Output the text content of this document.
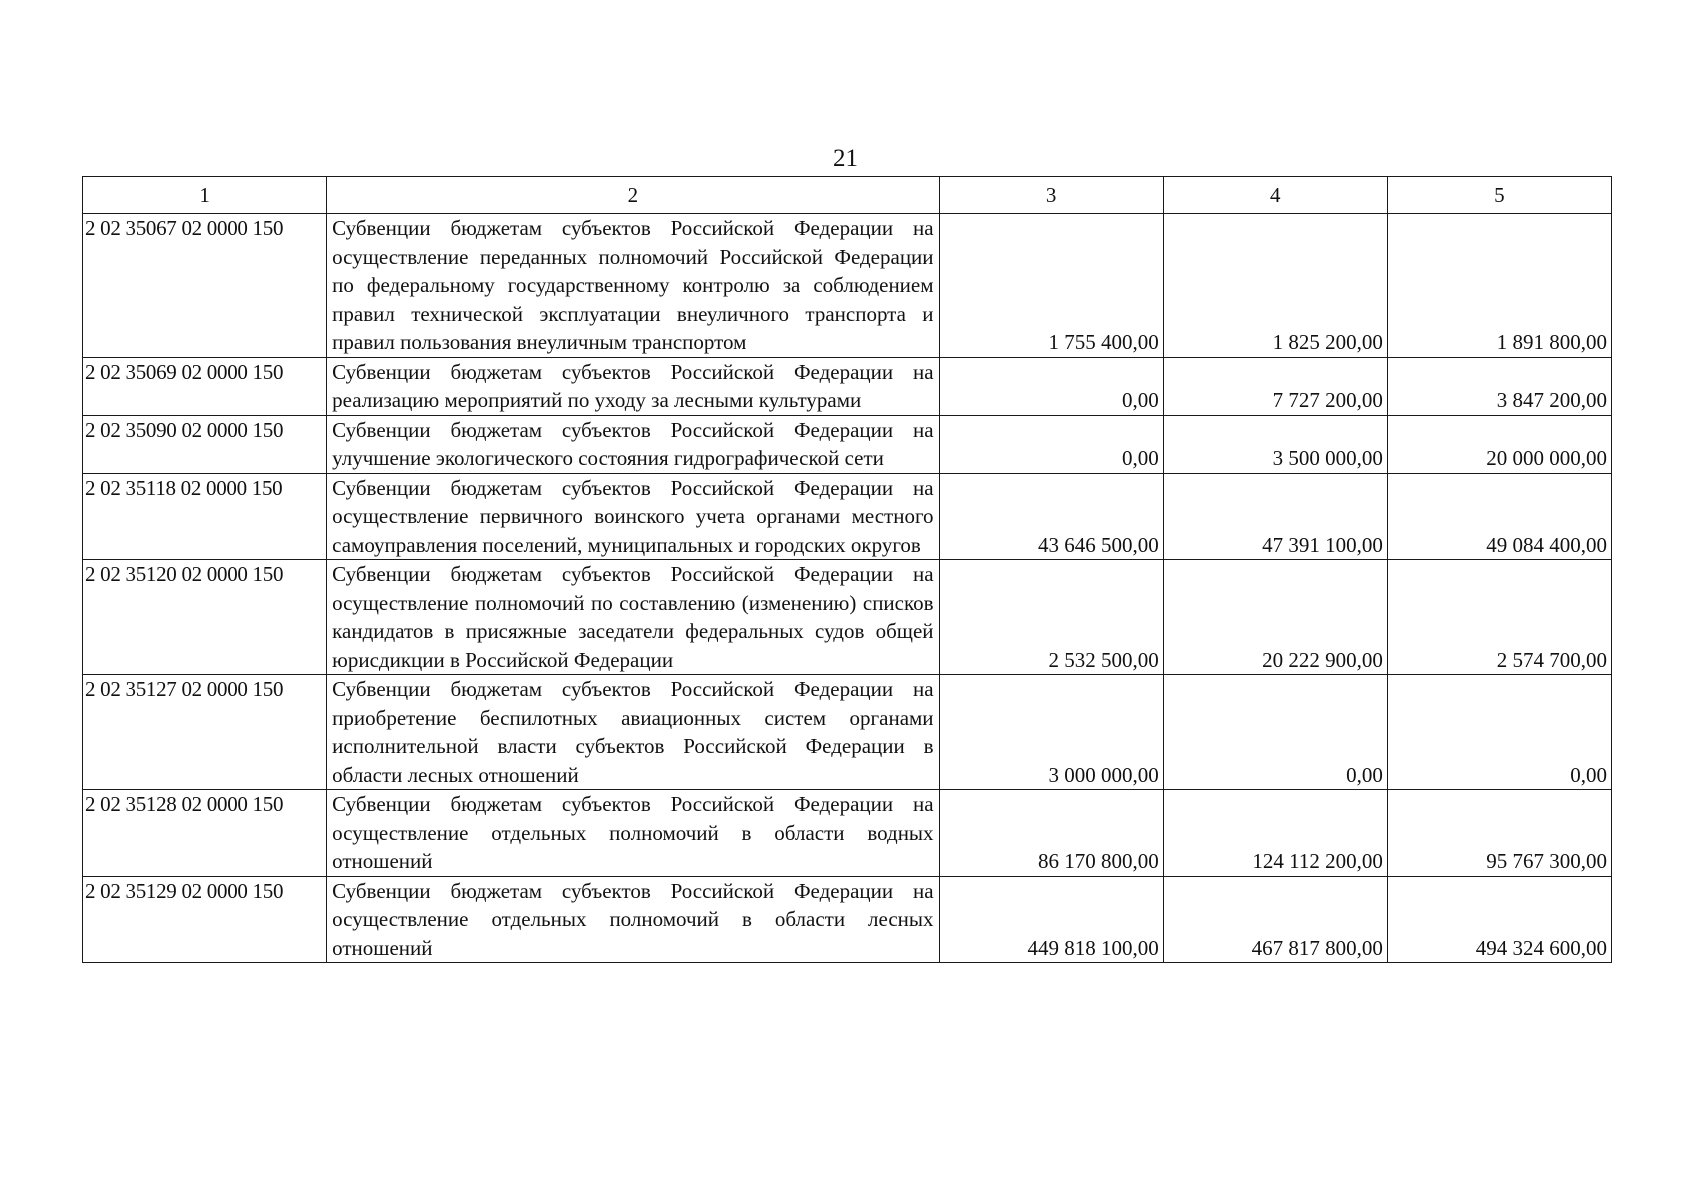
21
1	2	3	4	5
2 02 35067 02 0000 150	Субвенции бюджетам субъектов Российской Федерации на осуществление переданных полномочий Российской Федерации по федеральному государственному контролю за соблюдением правил технической эксплуатации внеуличного транспорта и правил пользования внеуличным транспортом	1 755 400,00	1 825 200,00	1 891 800,00
2 02 35069 02 0000 150	Субвенции бюджетам субъектов Российской Федерации на реализацию мероприятий по уходу за лесными культурами	0,00	7 727 200,00	3 847 200,00
2 02 35090 02 0000 150	Субвенции бюджетам субъектов Российской Федерации на улучшение экологического состояния гидрографической сети	0,00	3 500 000,00	20 000 000,00
2 02 35118 02 0000 150	Субвенции бюджетам субъектов Российской Федерации на осуществление первичного воинского учета органами местного самоуправления поселений, муниципальных и городских округов	43 646 500,00	47 391 100,00	49 084 400,00
2 02 35120 02 0000 150	Субвенции бюджетам субъектов Российской Федерации на осуществление полномочий по составлению (изменению) списков кандидатов в присяжные заседатели федеральных судов общей юрисдикции в Российской Федерации	2 532 500,00	20 222 900,00	2 574 700,00
2 02 35127 02 0000 150	Субвенции бюджетам субъектов Российской Федерации на приобретение беспилотных авиационных систем органами исполнительной власти субъектов Российской Федерации в области лесных отношений	3 000 000,00	0,00	0,00
2 02 35128 02 0000 150	Субвенции бюджетам субъектов Российской Федерации на осуществление отдельных полномочий в области водных отношений	86 170 800,00	124 112 200,00	95 767 300,00
2 02 35129 02 0000 150	Субвенции бюджетам субъектов Российской Федерации на осуществление отдельных полномочий в области лесных отношений	449 818 100,00	467 817 800,00	494 324 600,00
